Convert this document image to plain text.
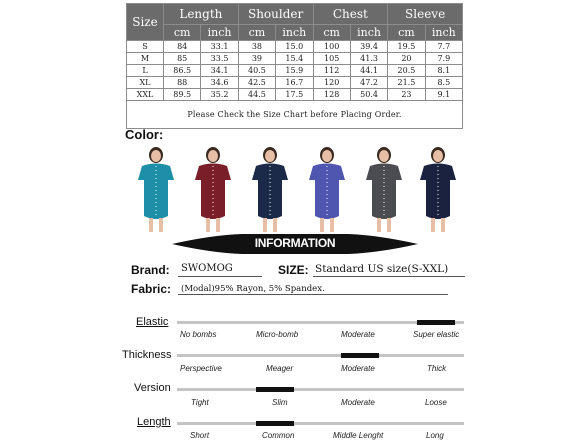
Size	Length		Shoulder		Chest		Sleeve	
	cm	inch	cm	inch	cm	inch	cm	inch
S	84	33.1	38	15.0	100	39.4	19.5	7.7
M	85	33.5	39	15.4	105	41.3	20	7.9
L	86.5	34.1	40.5	15.9	112	44.1	20.5	8.1
XL	88	34.6	42.5	16.7	120	47.2	21.5	8.5
XXL	89.5	35.2	44.5	17.5	128	50.4	23	9.1
Please Check the Size Chart before Placing Order.								
Color:
INFORMATION
Brand: SWOMOG	SIZE: Standard US size(S-XXL)
Fabric: (Modal)95% Rayon, 5% Spandex.
Elastic
No bombs	Micro-bomb	Moderate	Super elastic
Thickness
Perspective	Meager	Moderate	Thick
Version
Tight	Slim	Moderate	Loose
Length
Short	Common	Middle Lenght	Long
